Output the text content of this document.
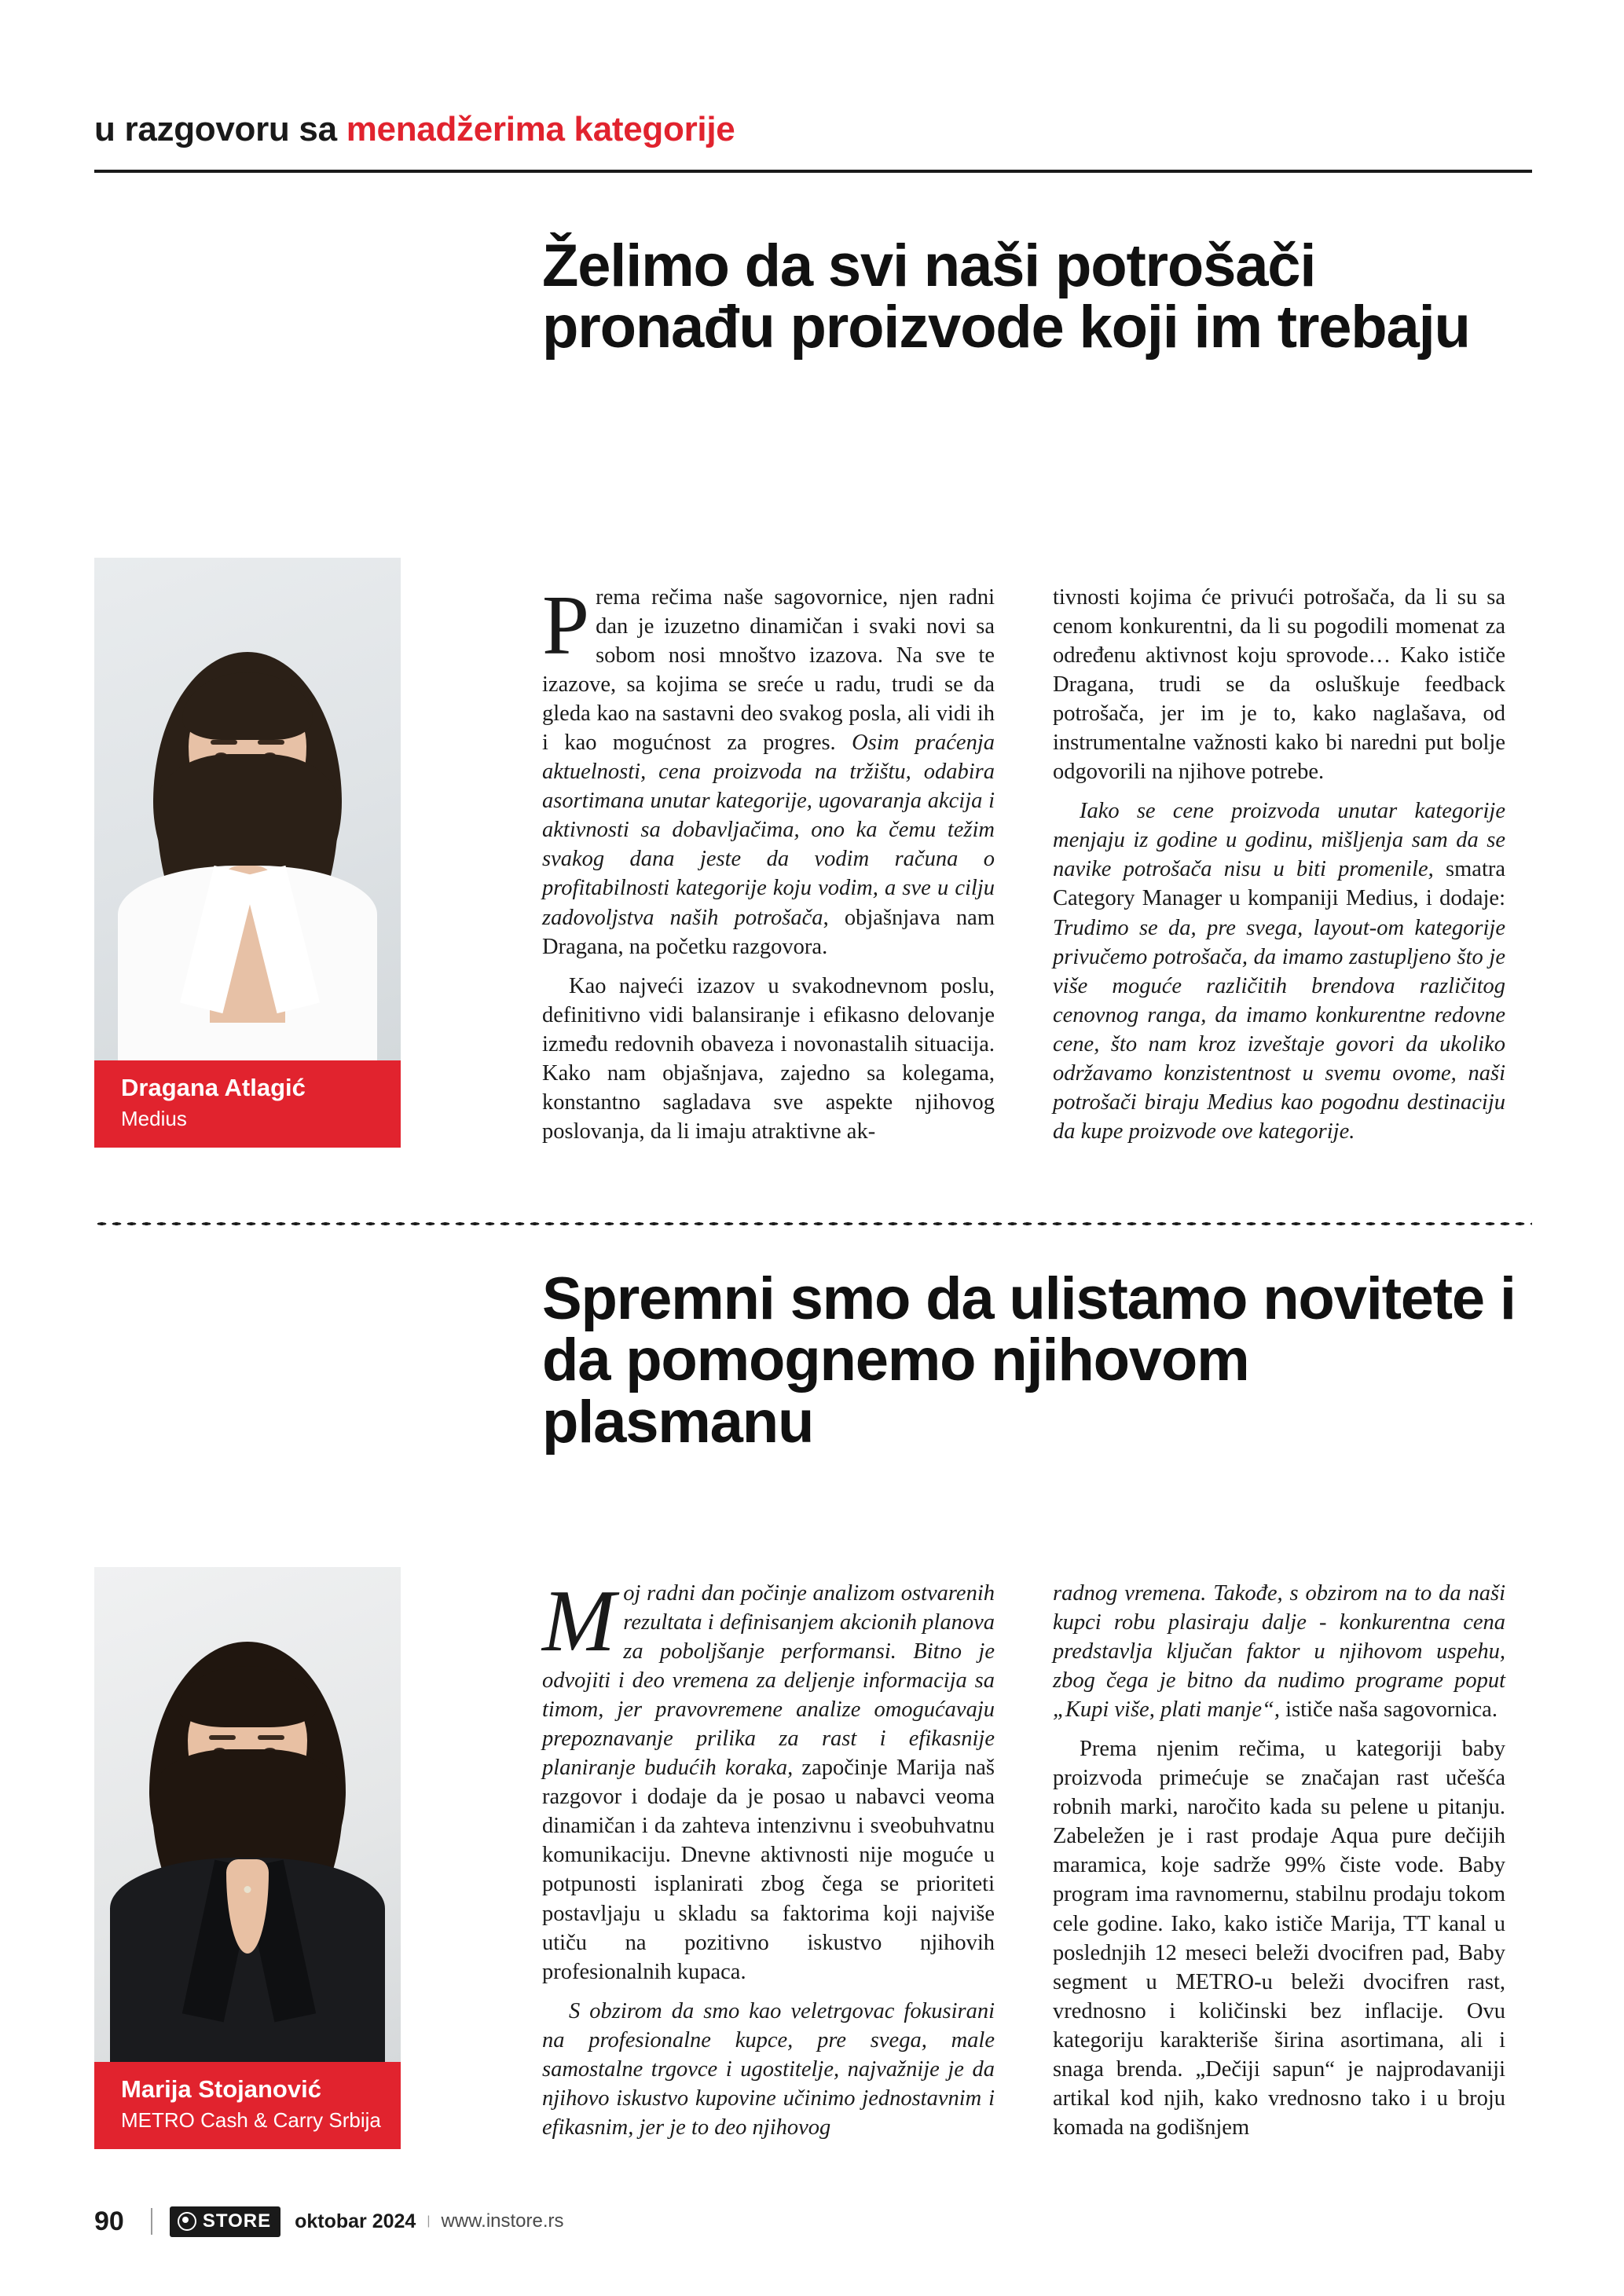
u razgovoru sa menadžerima kategorije
Želimo da svi naši potrošači pronađu proizvode koji im trebaju
Dragana Atlagić
Medius

Prema rečima naše sagovornice, njen radni dan je izuzetno dinamičan i svaki novi sa sobom nosi mnoštvo izazova. Na sve te izazove, sa kojima se sreće u radu, trudi se da gleda kao na sastavni deo svakog posla, ali vidi ih i kao mogućnost za progres. Osim praćenja aktuelnosti, cena proizvoda na tržištu, odabira asortimana unutar kategorije, ugovaranja akcija i aktivnosti sa dobavljačima, ono ka čemu težim svakog dana jeste da vodim računa o profitabilnosti kategorije koju vodim, a sve u cilju zadovoljstva naših potrošača, objašnjava nam Dragana, na početku razgovora.

Kao najveći izazov u svakodnevnom poslu, definitivno vidi balansiranje i efikasno delovanje između redovnih obaveza i novonastalih situacija. Kako nam objašnjava, zajedno sa kolegama, konstantno sagladava sve aspekte njihovog poslovanja, da li imaju atraktivne ak-

tivnosti kojima će privući potrošača, da li su sa cenom konkurentni, da li su pogodili momenat za određenu aktivnost koju sprovode… Kako ističe Dragana, trudi se da osluškuje feedback potrošača, jer im je to, kako naglašava, od instrumentalne važnosti kako bi naredni put bolje odgovorili na njihove potrebe.

Iako se cene proizvoda unutar kategorije menjaju iz godine u godinu, mišljenja sam da se navike potrošača nisu u biti promenile, smatra Category Manager u kompaniji Medius, i dodaje: Trudimo se da, pre svega, layout-om kategorije privučemo potrošača, da imamo zastupljeno što je više moguće različitih brendova različitog cenovnog ranga, da imamo konkurentne redovne cene, što nam kroz izveštaje govori da ukoliko održavamo konzistentnost u svemu ovome, naši potrošači biraju Medius kao pogodnu destinaciju da kupe proizvode ove kategorije.

Spremni smo da ulistamo novitete i da pomognemo njihovom plasmanu
Marija Stojanović
METRO Cash & Carry Srbija

Moj radni dan počinje analizom ostvarenih rezultata i definisanjem akcionih planova za poboljšanje performansi. Bitno je odvojiti i deo vremena za deljenje informacija sa timom, jer pravovremene analize omogućavaju prepoznavanje prilika za rast i efikasnije planiranje budućih koraka, započinje Marija naš razgovor i dodaje da je posao u nabavci veoma dinamičan i da zahteva intenzivnu i sveobuhvatnu komunikaciju. Dnevne aktivnosti nije moguće u potpunosti isplanirati zbog čega se prioriteti postavljaju u skladu sa faktorima koji najviše utiču na pozitivno iskustvo njihovih profesionalnih kupaca.

S obzirom da smo kao veletrgovac fokusirani na profesionalne kupce, pre svega, male samostalne trgovce i ugostitelje, najvažnije je da njihovo iskustvo kupovine učinimo jednostavnim i efikasnim, jer je to deo njihovog

radnog vremena. Takođe, s obzirom na to da naši kupci robu plasiraju dalje - konkurentna cena predstavlja ključan faktor u njihovom uspehu, zbog čega je bitno da nudimo programe poput „Kupi više, plati manje“, ističe naša sagovornica.

Prema njenim rečima, u kategoriji baby proizvoda primećuje se značajan rast učešća robnih marki, naročito kada su pelene u pitanju. Zabeležen je i rast prodaje Aqua pure dečijih maramica, koje sadrže 99% čiste vode. Baby program ima ravnomernu, stabilnu prodaju tokom cele godine. Iako, kako ističe Marija, TT kanal u poslednjih 12 meseci beleži dvocifren pad, Baby segment u METRO-u beleži dvocifren rast, vrednosno i količinski bez inflacije. Ovu kategoriju karakteriše širina asortimana, ali i snaga brenda. „Dečiji sapun“ je najprodavaniji artikal kod njih, kako vrednosno tako i u broju komada na godišnjem

90	STORE oktobar 2024 | www.instore.rs
